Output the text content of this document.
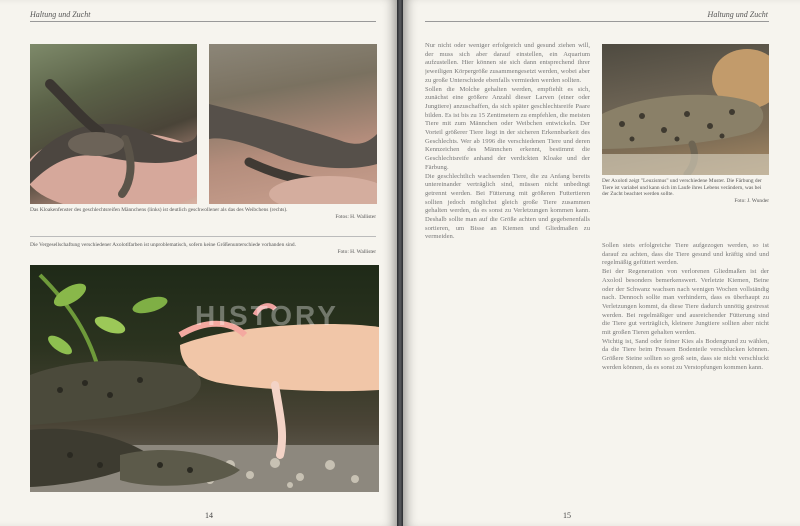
Haltung und Zucht
Das Kloakenfenster des geschlechtsreifen Männchens (links) ist deutlich geschwollener als das des Weibchens (rechts).
Fotos: H. Wallister
Die Vergesellschaftung verschiedener Axolotlfarben ist unproblematisch, sofern keine Größenunterschiede vorhanden sind.
Foto: H. Wallister
HISTORY
14
Haltung und Zucht

Nur nicht oder weniger erfolgreich und gesund ziehen will, der muss sich aber darauf einstellen, ein Aquarium aufzustellen. Hier können sie sich dann entsprechend ihrer jeweiligen Körpergröße zusammengesetzt werden, wobei aber zu große Unterschiede ebenfalls vermieden werden sollten.

Sollen die Molche gehalten werden, empfiehlt es sich, zunächst eine größere Anzahl dieser Larven (einer oder Jungtiere) anzuschaffen, da sich später geschlechtsreife Paare bilden. Es ist bis zu 15 Zentimetern zu empfehlen, die meisten Tiere mit zum Männchen oder Weibchen entwickeln. Der Vorteil größerer Tiere liegt in der sicheren Erkennbarkeit des Geschlechts. Wer ab 1996 die verschiedenen Tiere und deren Kennzeichen des Männchen erkennt, bestimmt die Geschlechtsreife anhand der verdickten Kloake und der Färbung.

Die geschlechtlich wachsenden Tiere, die zu Anfang bereits untereinander verträglich sind, müssen nicht unbedingt getrennt werden. Bei Fütterung mit größeren Futtertieren sollten jedoch möglichst gleich große Tiere zusammen gehalten werden, da es sonst zu Verletzungen kommen kann. Deshalb sollte man auf die Größe achten und gegebenenfalls sortieren, um Bisse an Kiemen und Gliedmaßen zu vermeiden.

Der Axolotl zeigt "Leuzismus" und verschiedene Muster. Die Färbung der Tiere ist variabel und kann sich im Laufe ihres Lebens verändern, was bei der Zucht beachtet werden sollte.
Foto: J. Wunder

Sollen stets erfolgreiche Tiere aufgezogen werden, so ist darauf zu achten, dass die Tiere gesund und kräftig sind und regelmäßig gefüttert werden.

Bei der Regeneration von verlorenen Gliedmaßen ist der Axolotl besonders bemerkenswert. Verletzte Kiemen, Beine oder der Schwanz wachsen nach wenigen Wochen vollständig nach. Dennoch sollte man verhindern, dass es überhaupt zu Verletzungen kommt, da diese Tiere dadurch unnötig gestresst werden. Bei regelmäßiger und ausreichender Fütterung sind die Tiere gut verträglich, kleinere Jungtiere sollten aber nicht mit großen Tieren gehalten werden.

Wichtig ist, Sand oder feiner Kies als Bodengrund zu wählen, da die Tiere beim Fressen Bodenteile verschlucken können. Größere Steine sollten so groß sein, dass sie nicht verschluckt werden können, da es sonst zu Verstopfungen kommen kann.

15
